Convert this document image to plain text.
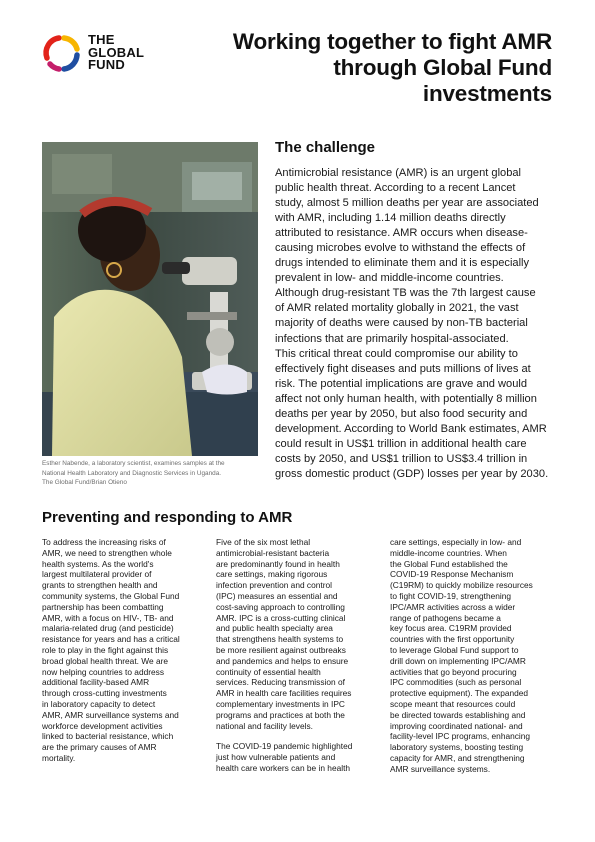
THE
GLOBAL
FUND
Working together to fight AMR
through Global Fund
investments
Esther Nabende, a laboratory scientist, examines samples at the
National Health Laboratory and Diagnostic Services in Uganda.
The Global Fund/Brian Otieno
The challenge
Antimicrobial resistance (AMR) is an urgent global
public health threat. According to a recent Lancet
study, almost 5 million deaths per year are associated
with AMR, including 1.14 million deaths directly
attributed to resistance. AMR occurs when disease-
causing microbes evolve to withstand the effects of
drugs intended to eliminate them and it is especially
prevalent in low- and middle-income countries.
Although drug-resistant TB was the 7th largest cause
of AMR related mortality globally in 2021, the vast
majority of deaths were caused by non-TB bacterial
infections that are primarily hospital-associated.
This critical threat could compromise our ability to
effectively fight diseases and puts millions of lives at
risk. The potential implications are grave and would
affect not only human health, with potentially 8 million
deaths per year by 2050, but also food security and
development. According to World Bank estimates, AMR
could result in US$1 trillion in additional health care
costs by 2050, and US$1 trillion to US$3.4 trillion in
gross domestic product (GDP) losses per year by 2030.
Preventing and responding to AMR
To address the increasing risks of
AMR, we need to strengthen whole
health systems. As the world's
largest multilateral provider of
grants to strengthen health and
community systems, the Global Fund
partnership has been combatting
AMR, with a focus on HIV-, TB- and
malaria-related drug (and pesticide)
resistance for years and has a critical
role to play in the fight against this
broad global health threat. We are
now helping countries to address
additional facility-based AMR
through cross-cutting investments
in laboratory capacity to detect
AMR, AMR surveillance systems and
workforce development activities
linked to bacterial resistance, which
are the primary causes of AMR
mortality.
Five of the six most lethal
antimicrobial-resistant bacteria
are predominantly found in health
care settings, making rigorous
infection prevention and control
(IPC) measures an essential and
cost-saving approach to controlling
AMR. IPC is a cross-cutting clinical
and public health specialty area
that strengthens health systems to
be more resilient against outbreaks
and pandemics and helps to ensure
continuity of essential health
services. Reducing transmission of
AMR in health care facilities requires
complementary investments in IPC
programs and practices at both the
national and facility levels.
The COVID-19 pandemic highlighted
just how vulnerable patients and
health care workers can be in health
care settings, especially in low- and
middle-income countries. When
the Global Fund established the
COVID-19 Response Mechanism
(C19RM) to quickly mobilize resources
to fight COVID-19, strengthening
IPC/AMR activities across a wider
range of pathogens became a
key focus area. C19RM provided
countries with the first opportunity
to leverage Global Fund support to
drill down on implementing IPC/AMR
activities that go beyond procuring
IPC commodities (such as personal
protective equipment). The expanded
scope meant that resources could
be directed towards establishing and
improving coordinated national- and
facility-level IPC programs, enhancing
laboratory systems, boosting testing
capacity for AMR, and strengthening
AMR surveillance systems.
